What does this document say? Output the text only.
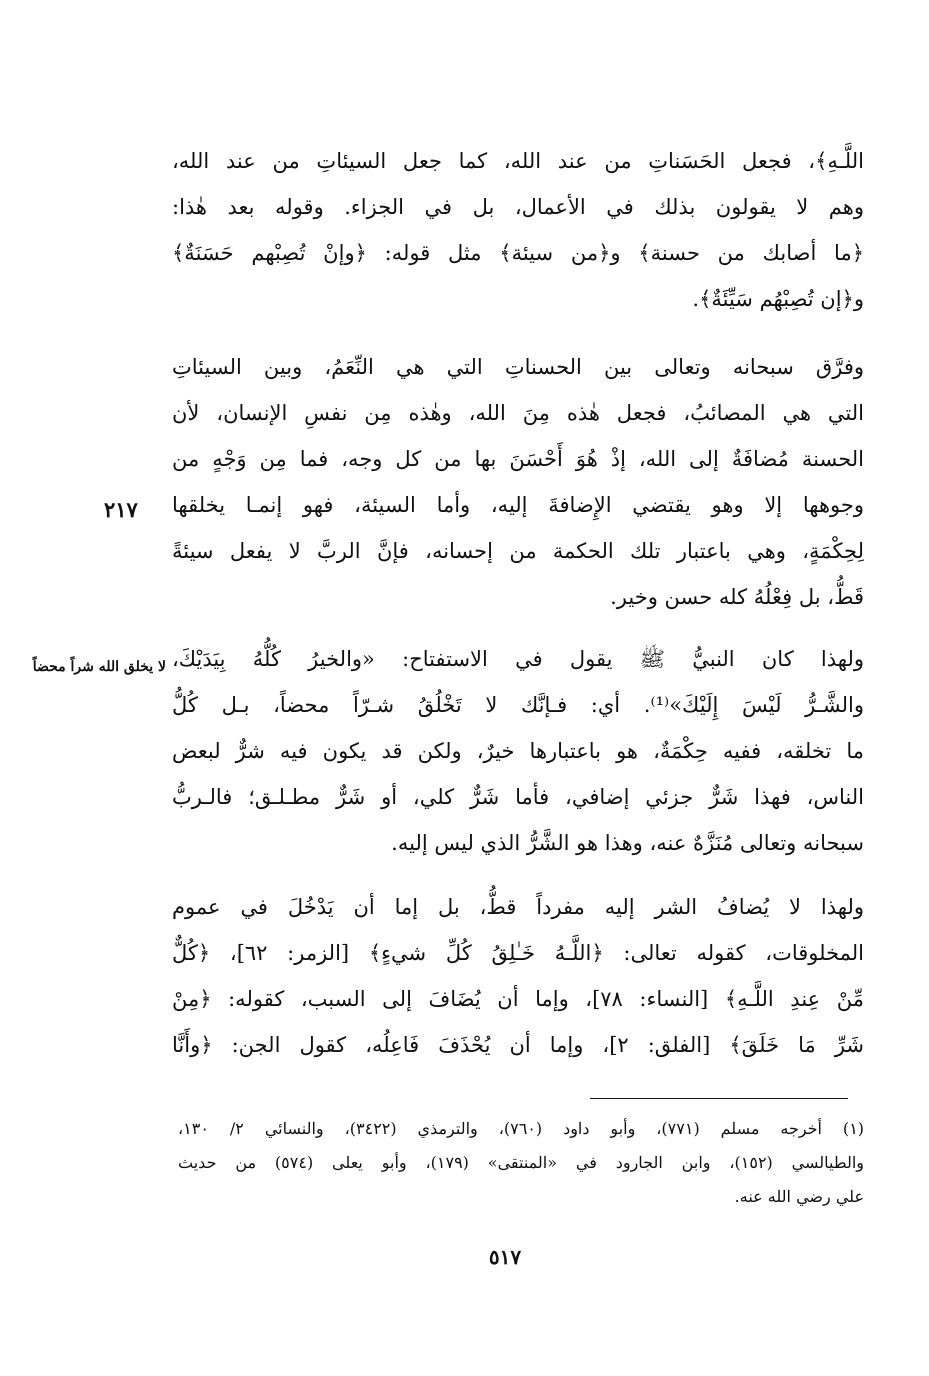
اللَّـهِ﴾، فجعل الحَسَناتِ من عند الله، كما جعل السيئاتِ من عند الله،
وهم لا يقولون بذلك في الأعمال، بل في الجزاء. وقوله بعد هٰذا:
﴿ما أصابك من حسنة﴾ و﴿من سيئة﴾ مثل قوله: ﴿وإنْ تُصِبْهم حَسَنَةٌ﴾
و﴿إن تُصِبْهُم سَيِّئَةٌ﴾.
وفرَّق سبحانه وتعالى بين الحسناتِ التي هي النِّعَمُ، وبين السيئاتِ
التي هي المصائبُ، فجعل هٰذه مِنَ الله، وهٰذه مِن نفسِ الإنسان، لأن
الحسنة مُضافَةٌ إلى الله، إذْ هُوَ أَحْسَنَ بها من كل وجه، فما مِن وَجْهٍ من
وجوهها إلا وهو يقتضي الإِضافةَ إليه، وأما السيئة، فهو إنمـا يخلقها
لِحِكْمَةٍ، وهي باعتبار تلك الحكمة من إحسانه، فإنَّ الربَّ لا يفعل سيئةً
قَطُّ، بل فِعْلُهُ كله حسن وخير.
٢١٧
ولهذا كان النبيُّ ﷺ يقول في الاستفتاح: «والخيرُ كُلُّهُ بِيَدَيْكَ،
والشَّـرُّ لَيْسَ إِلَيْكَ»⁽¹⁾. أي: فـإنَّك لا تَخْلُقُ شـرّاً محضاً، بـل كُلُّ
ما تخلقه، ففيه حِكْمَةٌ، هو باعتبارها خيرٌ، ولكن قد يكون فيه شرٌّ لبعض
الناس، فهذا شَرٌّ جزئي إضافي، فأما شَرٌّ كلي، أو شَرٌّ مطـلـق؛ فالـربُّ
سبحانه وتعالى مُنَزَّهٌ عنه، وهذا هو الشَّرُّ الذي ليس إليه.
لا يخلق الله شراً محضاً
ولهذا لا يُضافُ الشر إليه مفرداً قطُّ، بل إما أن يَدْخُلَ في عموم
المخلوقات، كقوله تعالى: ﴿اللَّـهُ خَـٰلِقُ كُلِّ شيءٍ﴾ [الزمر: ٦٢]، ﴿كُلٌّ
مِّنْ عِندِ اللَّـهِ﴾ [النساء: ٧٨]، وإما أن يُضَافَ إلى السبب، كقوله: ﴿مِنْ
شَرِّ مَا خَلَقَ﴾ [الفلق: ٢]، وإما أن يُحْذَفَ فَاعِلُه، كقول الجن: ﴿وأَنَّا
(١) أخرجه مسلم (٧٧١)، وأبو داود (٧٦٠)، والترمذي (٣٤٢٢)، والنسائي ٢/ ١٣٠،
والطيالسي (١٥٢)، وابن الجارود في «المنتقى» (١٧٩)، وأبو يعلى (٥٧٤) من حديث
علي رضي الله عنه.
٥١٧
